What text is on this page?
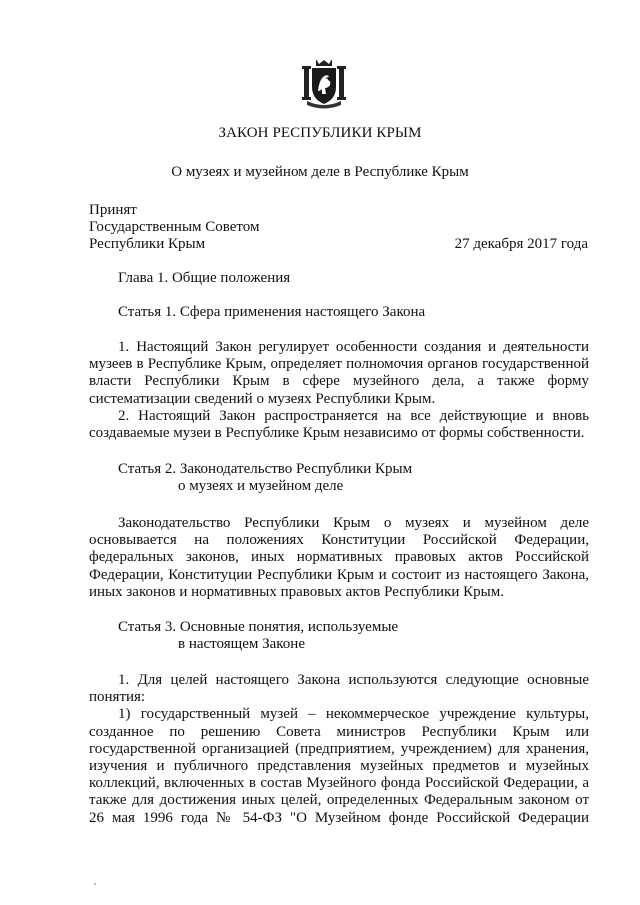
ЗАКОН РЕСПУБЛИКИ КРЫМ
О музеях и музейном деле в Республике Крым
Принят
Государственным Советом
Республики Крым	27 декабря 2017 года
Глава 1. Общие положения
Статья 1. Сфера применения настоящего Закона

1. Настоящий Закон регулирует особенности создания и деятельности музеев в Республике Крым, определяет полномочия органов государственной власти Республики Крым в сфере музейного дела, а также форму систематизации сведений о музеях Республики Крым.

2. Настоящий Закон распространяется на все действующие и вновь создаваемые музеи в Республике Крым независимо от формы собственности.

Статья 2. Законодательство Республики Крым
о музеях и музейном деле

Законодательство Республики Крым о музеях и музейном деле основывается на положениях Конституции Российской Федерации, федеральных законов, иных нормативных правовых актов Российской Федерации, Конституции Республики Крым и состоит из настоящего Закона, иных законов и нормативных правовых актов Республики Крым.

Статья 3. Основные понятия, используемые
в настоящем Законе

1. Для целей настоящего Закона используются следующие основные понятия:

1) государственный музей – некоммерческое учреждение культуры, созданное по решению Совета министров Республики Крым или государственной организацией (предприятием, учреждением) для хранения, изучения и публичного представления музейных предметов и музейных коллекций, включенных в состав Музейного фонда Российской Федерации, а также для достижения иных целей, определенных Федеральным законом от 26 мая 1996 года № 54-ФЗ "О Музейном фонде Российской Федерации
